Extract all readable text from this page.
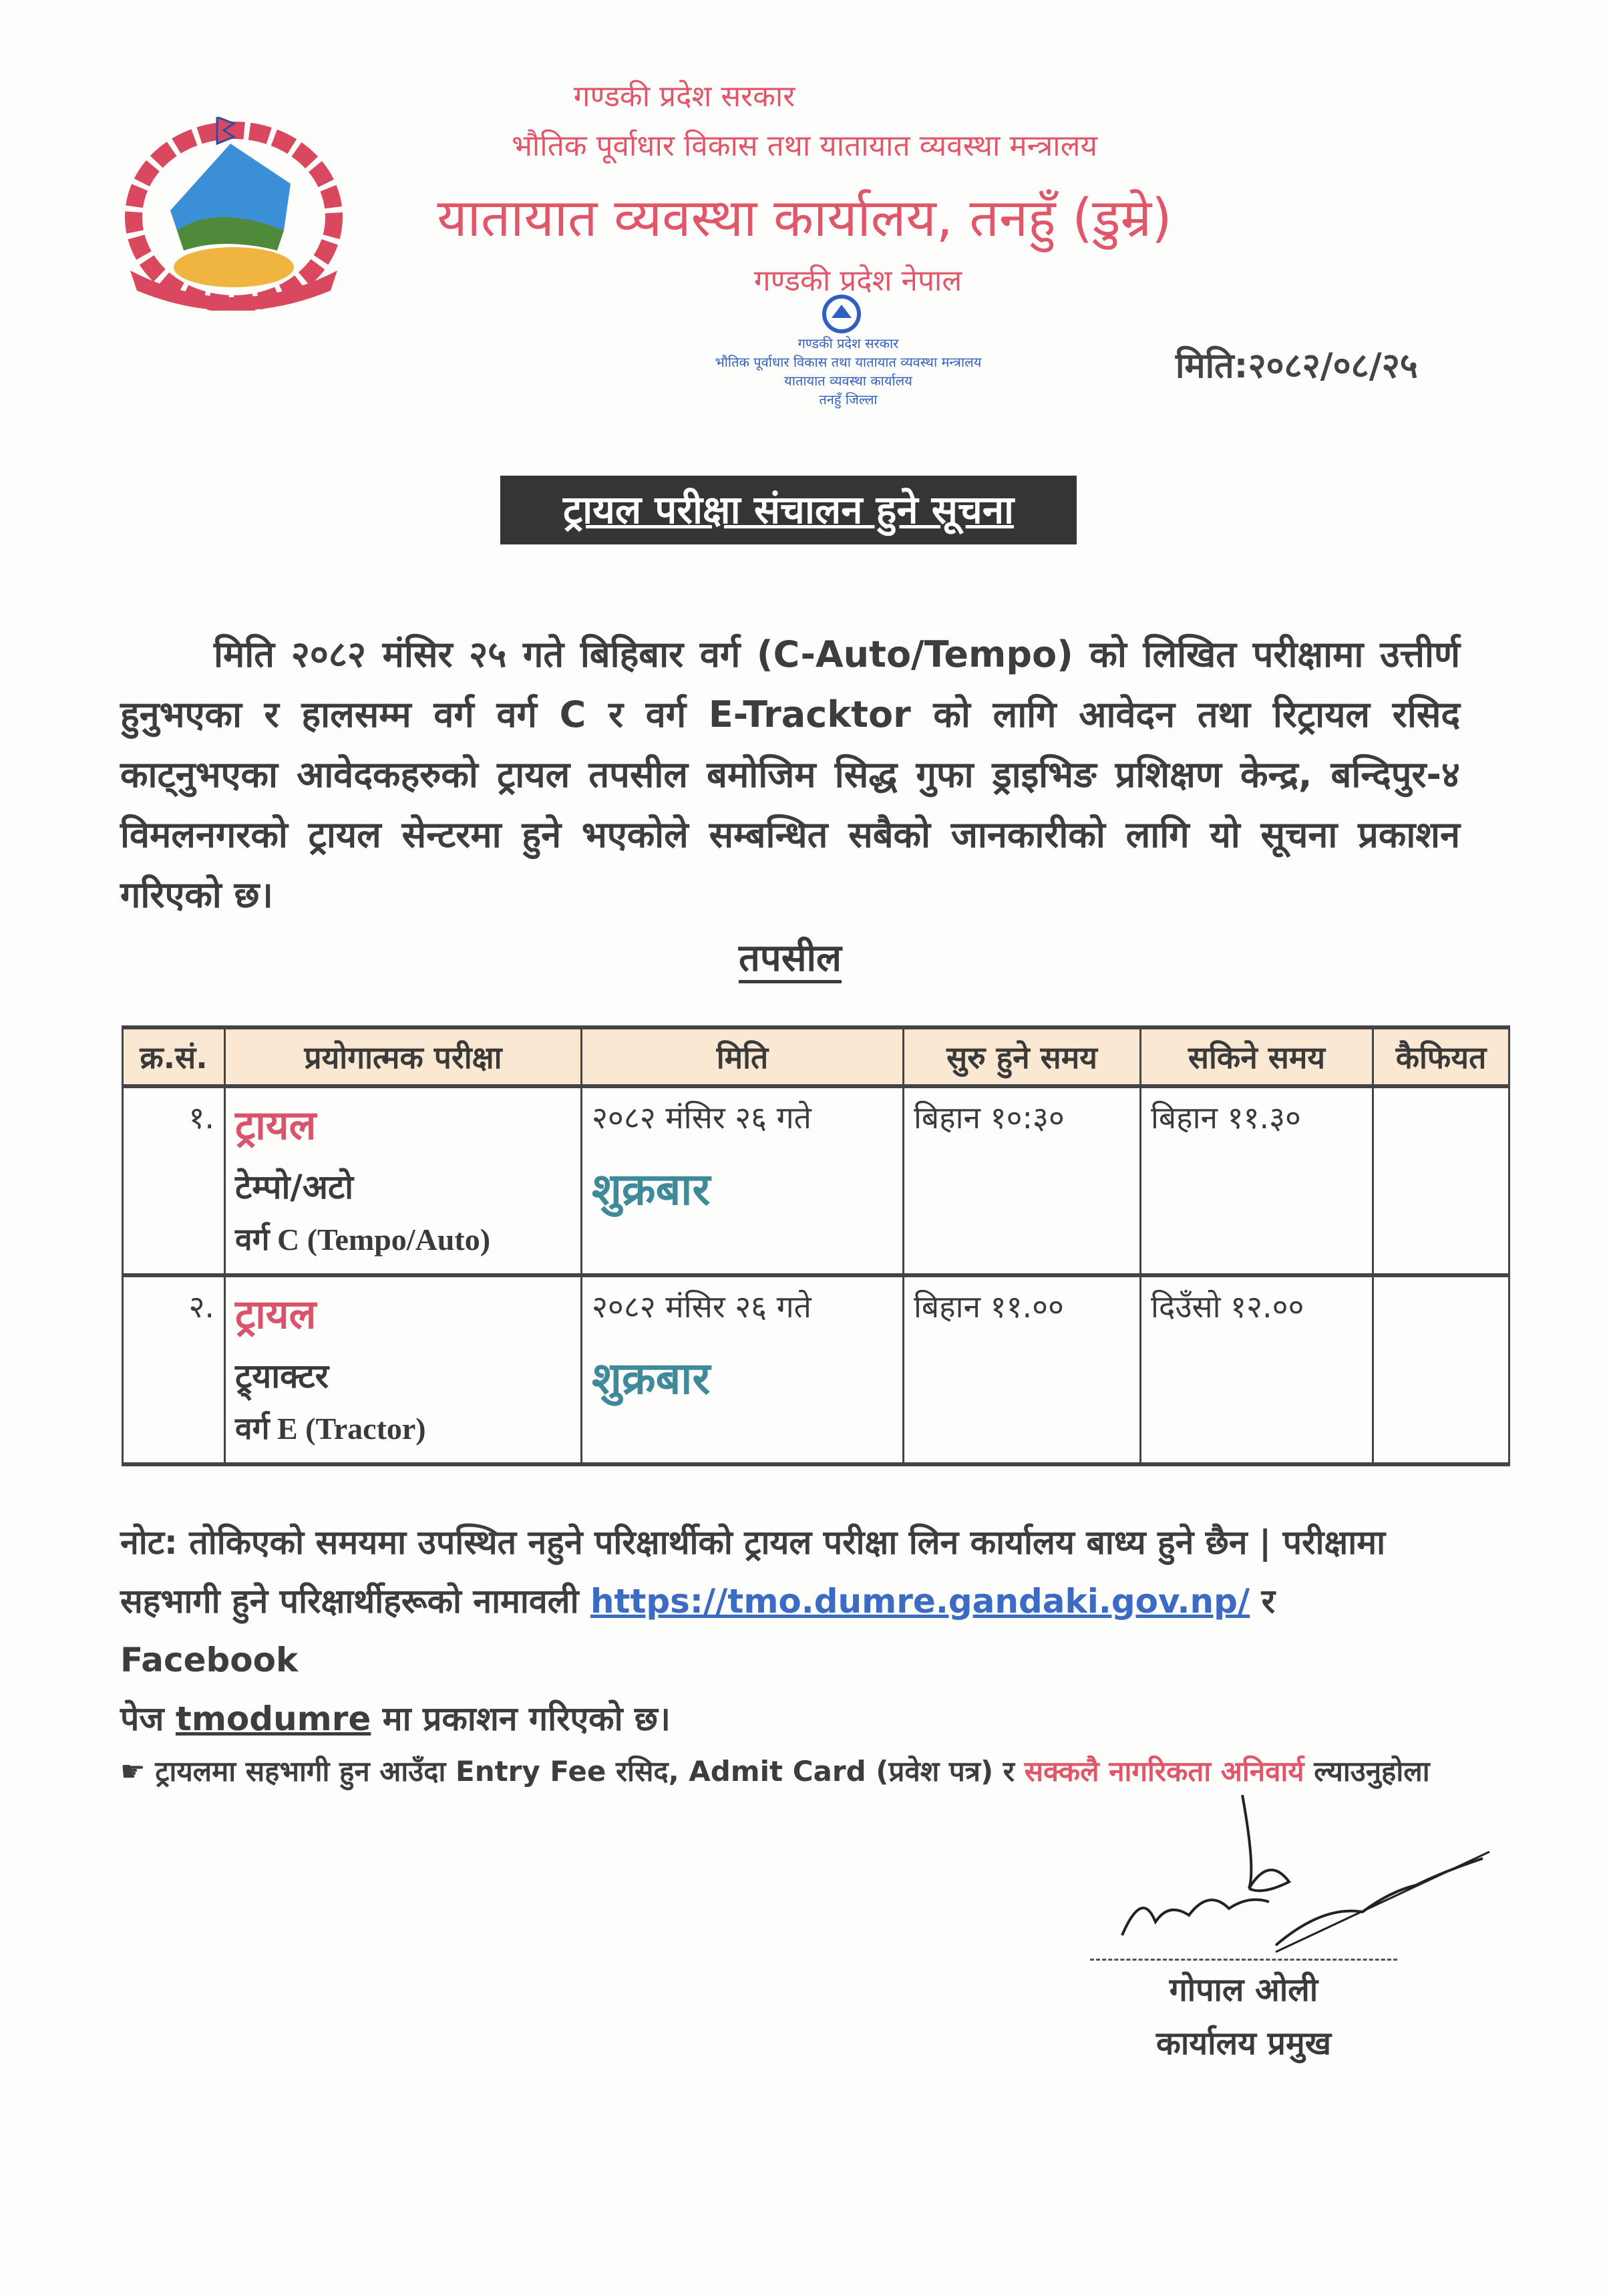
गण्डकी प्रदेश सरकार
भौतिक पूर्वाधार विकास तथा यातायात व्यवस्था मन्त्रालय
यातायात व्यवस्था कार्यालय, तनहुँ (डुम्रे)
गण्डकी प्रदेश नेपाल
गण्डकी प्रदेश सरकार
भौतिक पूर्वाधार विकास तथा यातायात व्यवस्था मन्त्रालय
यातायात व्यवस्था कार्यालय
तनहुँ जिल्ला
मिति:२०८२/०८/२५
ट्रायल परीक्षा संचालन हुने सूचना
मिति २०८२ मंसिर २५ गते बिहिबार वर्ग (C-Auto/Tempo) को लिखित परीक्षामा उत्तीर्ण हुनुभएका र हालसम्म वर्ग वर्ग C र वर्ग E-Tracktor को लागि आवेदन तथा रिट्रायल रसिद काट्नुभएका आवेदकहरुको ट्रायल तपसील बमोजिम सिद्ध गुफा ड्राइभिङ प्रशिक्षण केन्द्र, बन्दिपुर-४ विमलनगरको ट्रायल सेन्टरमा हुने भएकोले सम्बन्धित सबैको जानकारीको लागि यो सूचना प्रकाशन गरिएको छ।
तपसील
क्र.सं.	प्रयोगात्मक परीक्षा	मिति	सुरु हुने समय	सकिने समय	कैफियत
१.	ट्रायल
टेम्पो/अटो
वर्ग C (Tempo/Auto)	२०८२ मंसिर २६ गते
शुक्रबार	बिहान १०:३०	बिहान ११.३०	
२.	ट्रायल
ट्र्याक्टर
वर्ग E (Tractor)	२०८२ मंसिर २६ गते
शुक्रबार	बिहान ११.००	दिउँसो १२.००	
नोट: तोकिएको समयमा उपस्थित नहुने परिक्षार्थीको ट्रायल परीक्षा लिन कार्यालय बाध्य हुने छैन | परीक्षामा
सहभागी हुने परिक्षार्थीहरूको नामावली https://tmo.dumre.gandaki.gov.np/ र Facebook
पेज tmodumre मा प्रकाशन गरिएको छ।
☛ ट्रायलमा सहभागी हुन आउँदा Entry Fee रसिद, Admit Card (प्रवेश पत्र) र सक्कलै नागरिकता अनिवार्य ल्याउनुहोला
गोपाल ओली
कार्यालय प्रमुख
